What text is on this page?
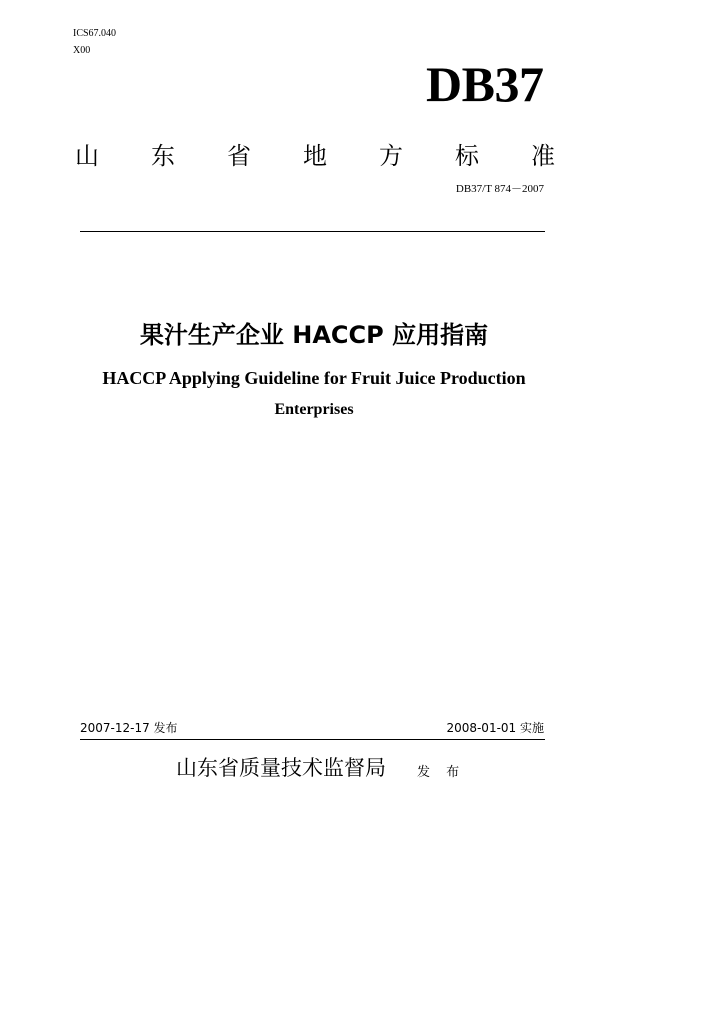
ICS67.040
X00
DB37
山 东 省 地 方 标 准
DB37/T 874－2007
果汁生产企业 HACCP 应用指南
HACCP Applying Guideline for Fruit Juice Production
Enterprises
2007-12-17 发布	2008-01-01 实施
山东省质量技术监督局 发 布
